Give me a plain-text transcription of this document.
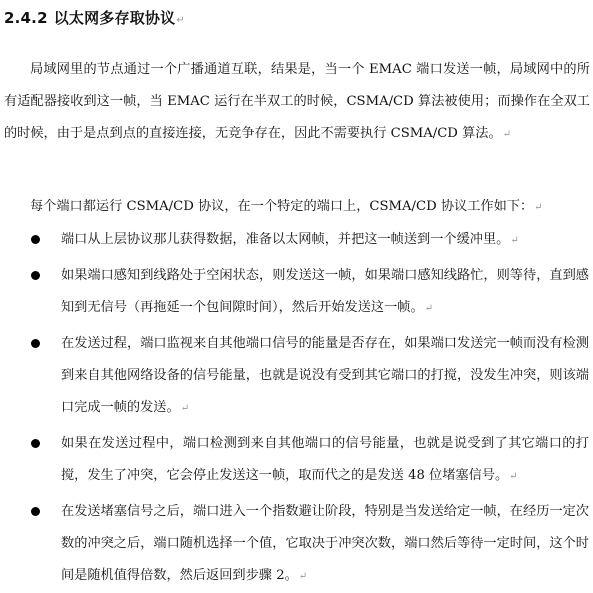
2.4.2 以太网多存取协议↵
局域网里的节点通过一个广播通道互联，结果是，当一个 EMAC 端口发送一帧，局域网中的所有适配器接收到这一帧，当 EMAC 运行在半双工的时候，CSMA/CD 算法被使用；而操作在全双工的时候，由于是点到点的直接连接，无竞争存在，因此不需要执行 CSMA/CD 算法。↵
每个端口都运行 CSMA/CD 协议，在一个特定的端口上，CSMA/CD 协议工作如下：↵
端口从上层协议那儿获得数据，准备以太网帧，并把这一帧送到一个缓冲里。↵
如果端口感知到线路处于空闲状态，则发送这一帧，如果端口感知线路忙，则等待，直到感知到无信号（再拖延一个包间隙时间），然后开始发送这一帧。↵
在发送过程，端口监视来自其他端口信号的能量是否存在，如果端口发送完一帧而没有检测到来自其他网络设备的信号能量，也就是说没有受到其它端口的打搅，没发生冲突，则该端口完成一帧的发送。↵
如果在发送过程中，端口检测到来自其他端口的信号能量，也就是说受到了其它端口的打搅，发生了冲突，它会停止发送这一帧，取而代之的是发送 48 位堵塞信号。↵
在发送堵塞信号之后，端口进入一个指数避让阶段，特别是当发送给定一帧，在经历一定次数的冲突之后，端口随机选择一个值，它取决于冲突次数，端口然后等待一定时间，这个时间是随机值得倍数，然后返回到步骤 2。↵
